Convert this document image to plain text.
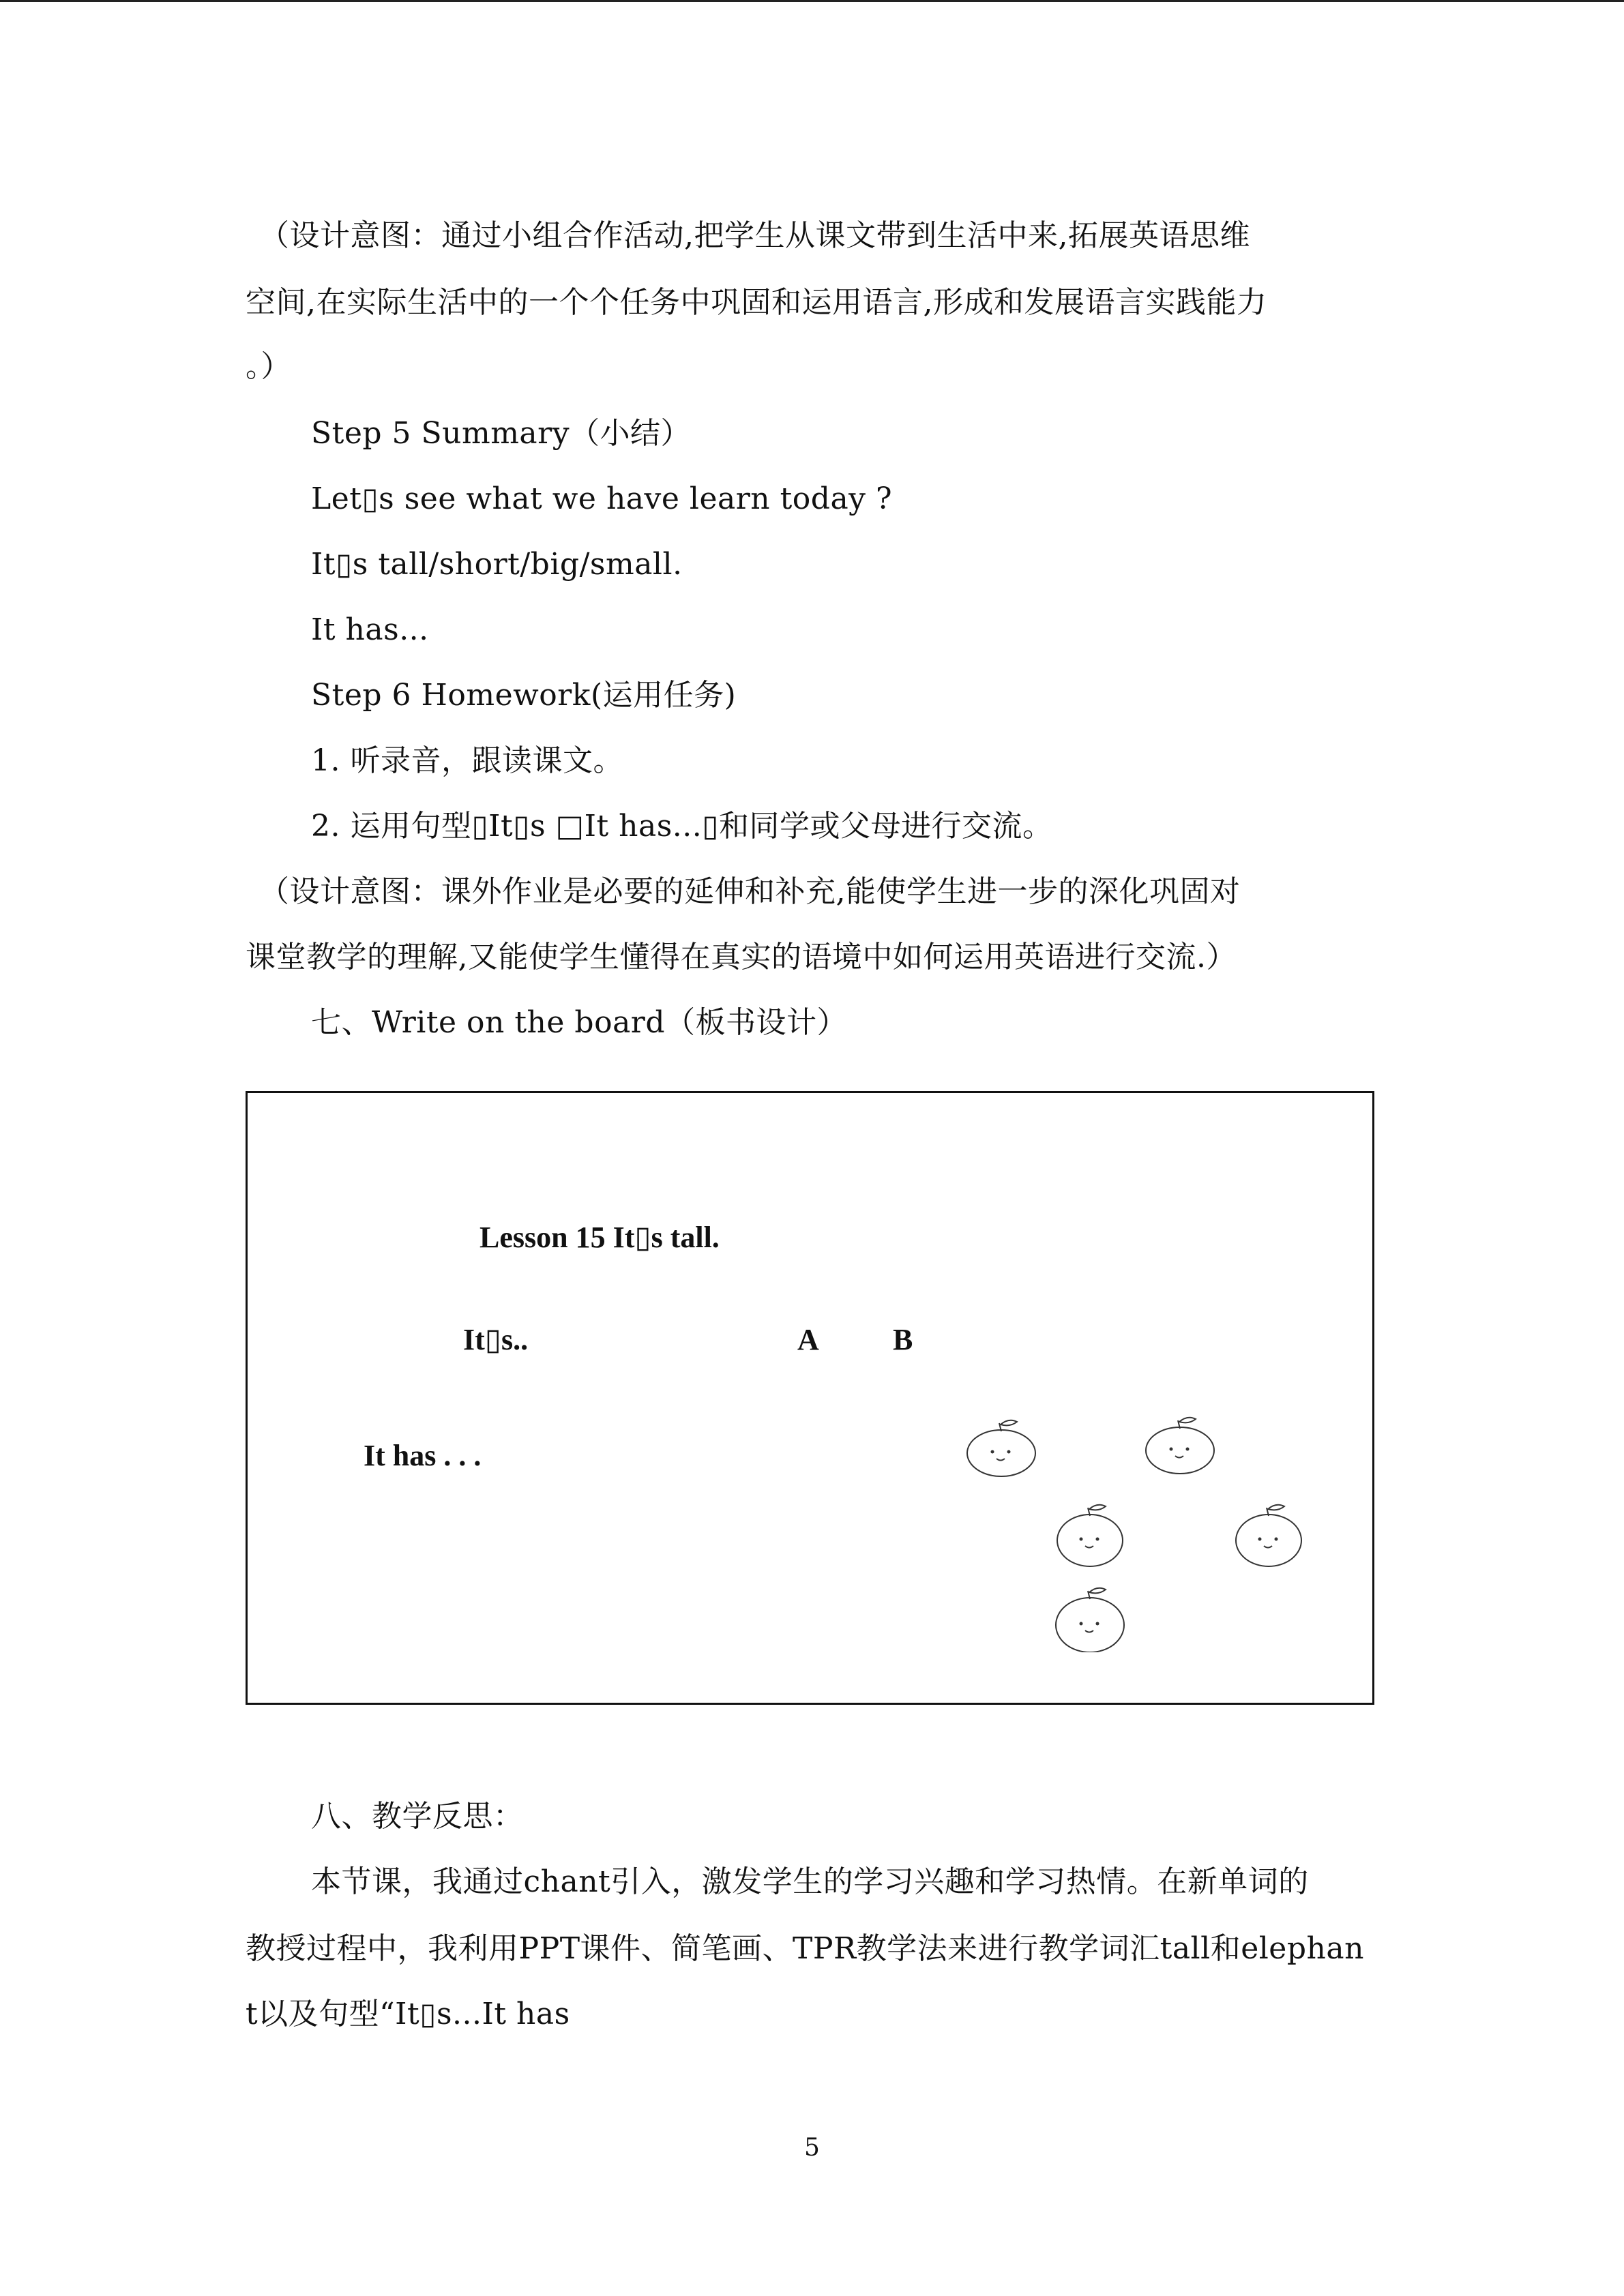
（设计意图：通过小组合作活动,把学生从课文带到生活中来,拓展英语思维
空间,在实际生活中的一个个任务中巩固和运用语言,形成和发展语言实践能力
。）
Step 5 Summary（小结）
Let▯s see what we have learn today ?
It▯s tall/short/big/small.
It has...
Step 6 Homework(运用任务)
1. 听录音，跟读课文。
2. 运用句型▯It▯s □It has...▯和同学或父母进行交流。
（设计意图：课外作业是必要的延伸和补充,能使学生进一步的深化巩固对
课堂教学的理解,又能使学生懂得在真实的语境中如何运用英语进行交流.）
七、Write on the board（板书设计）
Lesson 15 It▯s tall.
It▯s..	A B
It has . . .
八、教学反思：
本节课，我通过chant引入，激发学生的学习兴趣和学习热情。在新单词的
教授过程中，我利用PPT课件、简笔画、TPR教学法来进行教学词汇tall和elephan
t以及句型“It▯s...It has
5
